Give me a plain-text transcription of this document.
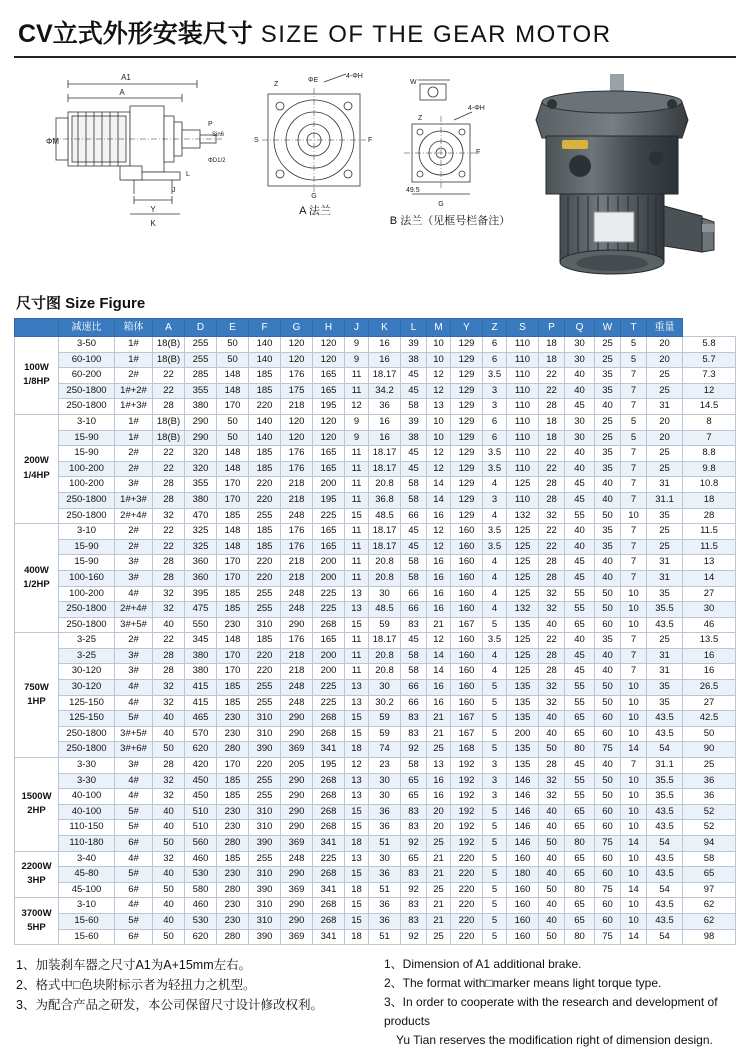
CV立式外形安装尺寸 SIZE OF THE GEAR MOTOR
A1
A
ΦM
Y
K
P
Sin6
ΦD1/2
L
J
4-ΦH
Z
ΦE
S
G
F
A 法兰
W
4-ΦH
Z
F
G
49.5
B 法兰（见框号栏备注）
尺寸图 Size Figure
	减速比	箱体	A	D	E	F	G	H	J	K	L	M	Y	Z	S	P	Q	W	T	重量	
100W
1/8HP	3-50	1#	18(B)	255	50	140	120	120	9	16	39	10	129	6	110	18	30	25	5	20	5.8
	60-100	1#	18(B)	255	50	140	120	120	9	16	38	10	129	6	110	18	30	25	5	20	5.7
	60-200	2#	22	285	148	185	176	165	11	18.17	45	12	129	3.5	110	22	40	35	7	25	7.3
	250-1800	1#+2#	22	355	148	185	175	165	11	34.2	45	12	129	3	110	22	40	35	7	25	12
	250-1800	1#+3#	28	380	170	220	218	195	12	36	58	13	129	3	110	28	45	40	7	31	14.5
200W
1/4HP	3-10	1#	18(B)	290	50	140	120	120	9	16	39	10	129	6	110	18	30	25	5	20	8
	15-90	1#	18(B)	290	50	140	120	120	9	16	38	10	129	6	110	18	30	25	5	20	7
	15-90	2#	22	320	148	185	176	165	11	18.17	45	12	129	3.5	110	22	40	35	7	25	8.8
	100-200	2#	22	320	148	185	176	165	11	18.17	45	12	129	3.5	110	22	40	35	7	25	9.8
	100-200	3#	28	355	170	220	218	200	11	20.8	58	14	129	4	125	28	45	40	7	31	10.8
	250-1800	1#+3#	28	380	170	220	218	195	11	36.8	58	14	129	3	110	28	45	40	7	31.1	18
	250-1800	2#+4#	32	470	185	255	248	225	15	48.5	66	16	129	4	132	32	55	50	10	35	28
400W
1/2HP	3-10	2#	22	325	148	185	176	165	11	18.17	45	12	160	3.5	125	22	40	35	7	25	11.5
	15-90	2#	22	325	148	185	176	165	11	18.17	45	12	160	3.5	125	22	40	35	7	25	11.5
	15-90	3#	28	360	170	220	218	200	11	20.8	58	16	160	4	125	28	45	40	7	31	13
	100-160	3#	28	360	170	220	218	200	11	20.8	58	16	160	4	125	28	45	40	7	31	14
	100-200	4#	32	395	185	255	248	225	13	30	66	16	160	4	125	32	55	50	10	35	27
	250-1800	2#+4#	32	475	185	255	248	225	13	48.5	66	16	160	4	132	32	55	50	10	35.5	30
	250-1800	3#+5#	40	550	230	310	290	268	15	59	83	21	167	5	135	40	65	60	10	43.5	46
750W
1HP	3-25	2#	22	345	148	185	176	165	11	18.17	45	12	160	3.5	125	22	40	35	7	25	13.5
	3-25	3#	28	380	170	220	218	200	11	20.8	58	14	160	4	125	28	45	40	7	31	16
	30-120	3#	28	380	170	220	218	200	11	20.8	58	14	160	4	125	28	45	40	7	31	16
	30-120	4#	32	415	185	255	248	225	13	30	66	16	160	5	135	32	55	50	10	35	26.5
	125-150	4#	32	415	185	255	248	225	13	30.2	66	16	160	5	135	32	55	50	10	35	27
	125-150	5#	40	465	230	310	290	268	15	59	83	21	167	5	135	40	65	60	10	43.5	42.5
	250-1800	3#+5#	40	570	230	310	290	268	15	59	83	21	167	5	200	40	65	60	10	43.5	50
	250-1800	3#+6#	50	620	280	390	369	341	18	74	92	25	168	5	135	50	80	75	14	54	90
1500W
2HP	3-30	3#	28	420	170	220	205	195	12	23	58	13	192	3	135	28	45	40	7	31.1	25
	3-30	4#	32	450	185	255	290	268	13	30	65	16	192	3	146	32	55	50	10	35.5	36
	40-100	4#	32	450	185	255	290	268	13	30	65	16	192	3	146	32	55	50	10	35.5	36
	40-100	5#	40	510	230	310	290	268	15	36	83	20	192	5	146	40	65	60	10	43.5	52
	110-150	5#	40	510	230	310	290	268	15	36	83	20	192	5	146	40	65	60	10	43.5	52
	110-180	6#	50	560	280	390	369	341	18	51	92	25	192	5	146	50	80	75	14	54	94
2200W
3HP	3-40	4#	32	460	185	255	248	225	13	30	65	21	220	5	160	40	65	60	10	43.5	58
	45-80	5#	40	530	230	310	290	268	15	36	83	21	220	5	180	40	65	60	10	43.5	65
	45-100	6#	50	580	280	390	369	341	18	51	92	25	220	5	160	50	80	75	14	54	97
3700W
5HP	3-10	4#	40	460	230	310	290	268	15	36	83	21	220	5	160	40	65	60	10	43.5	62
	15-60	5#	40	530	230	310	290	268	15	36	83	21	220	5	160	40	65	60	10	43.5	62
	15-60	6#	50	620	280	390	369	341	18	51	92	25	220	5	160	50	80	75	14	54	98

1、加装刹车器之尺寸A1为A+15mm左右。

2、格式中□色块附标示者为轻扭力之机型。

3、为配合产品之研发，本公司保留尺寸设计修改权利。

1、Dimension of A1 additional brake.

2、The format with□marker means light torque type.

3、In order to cooperate with the research and development of products

Yu Tian reserves the modification right of dimension design.
